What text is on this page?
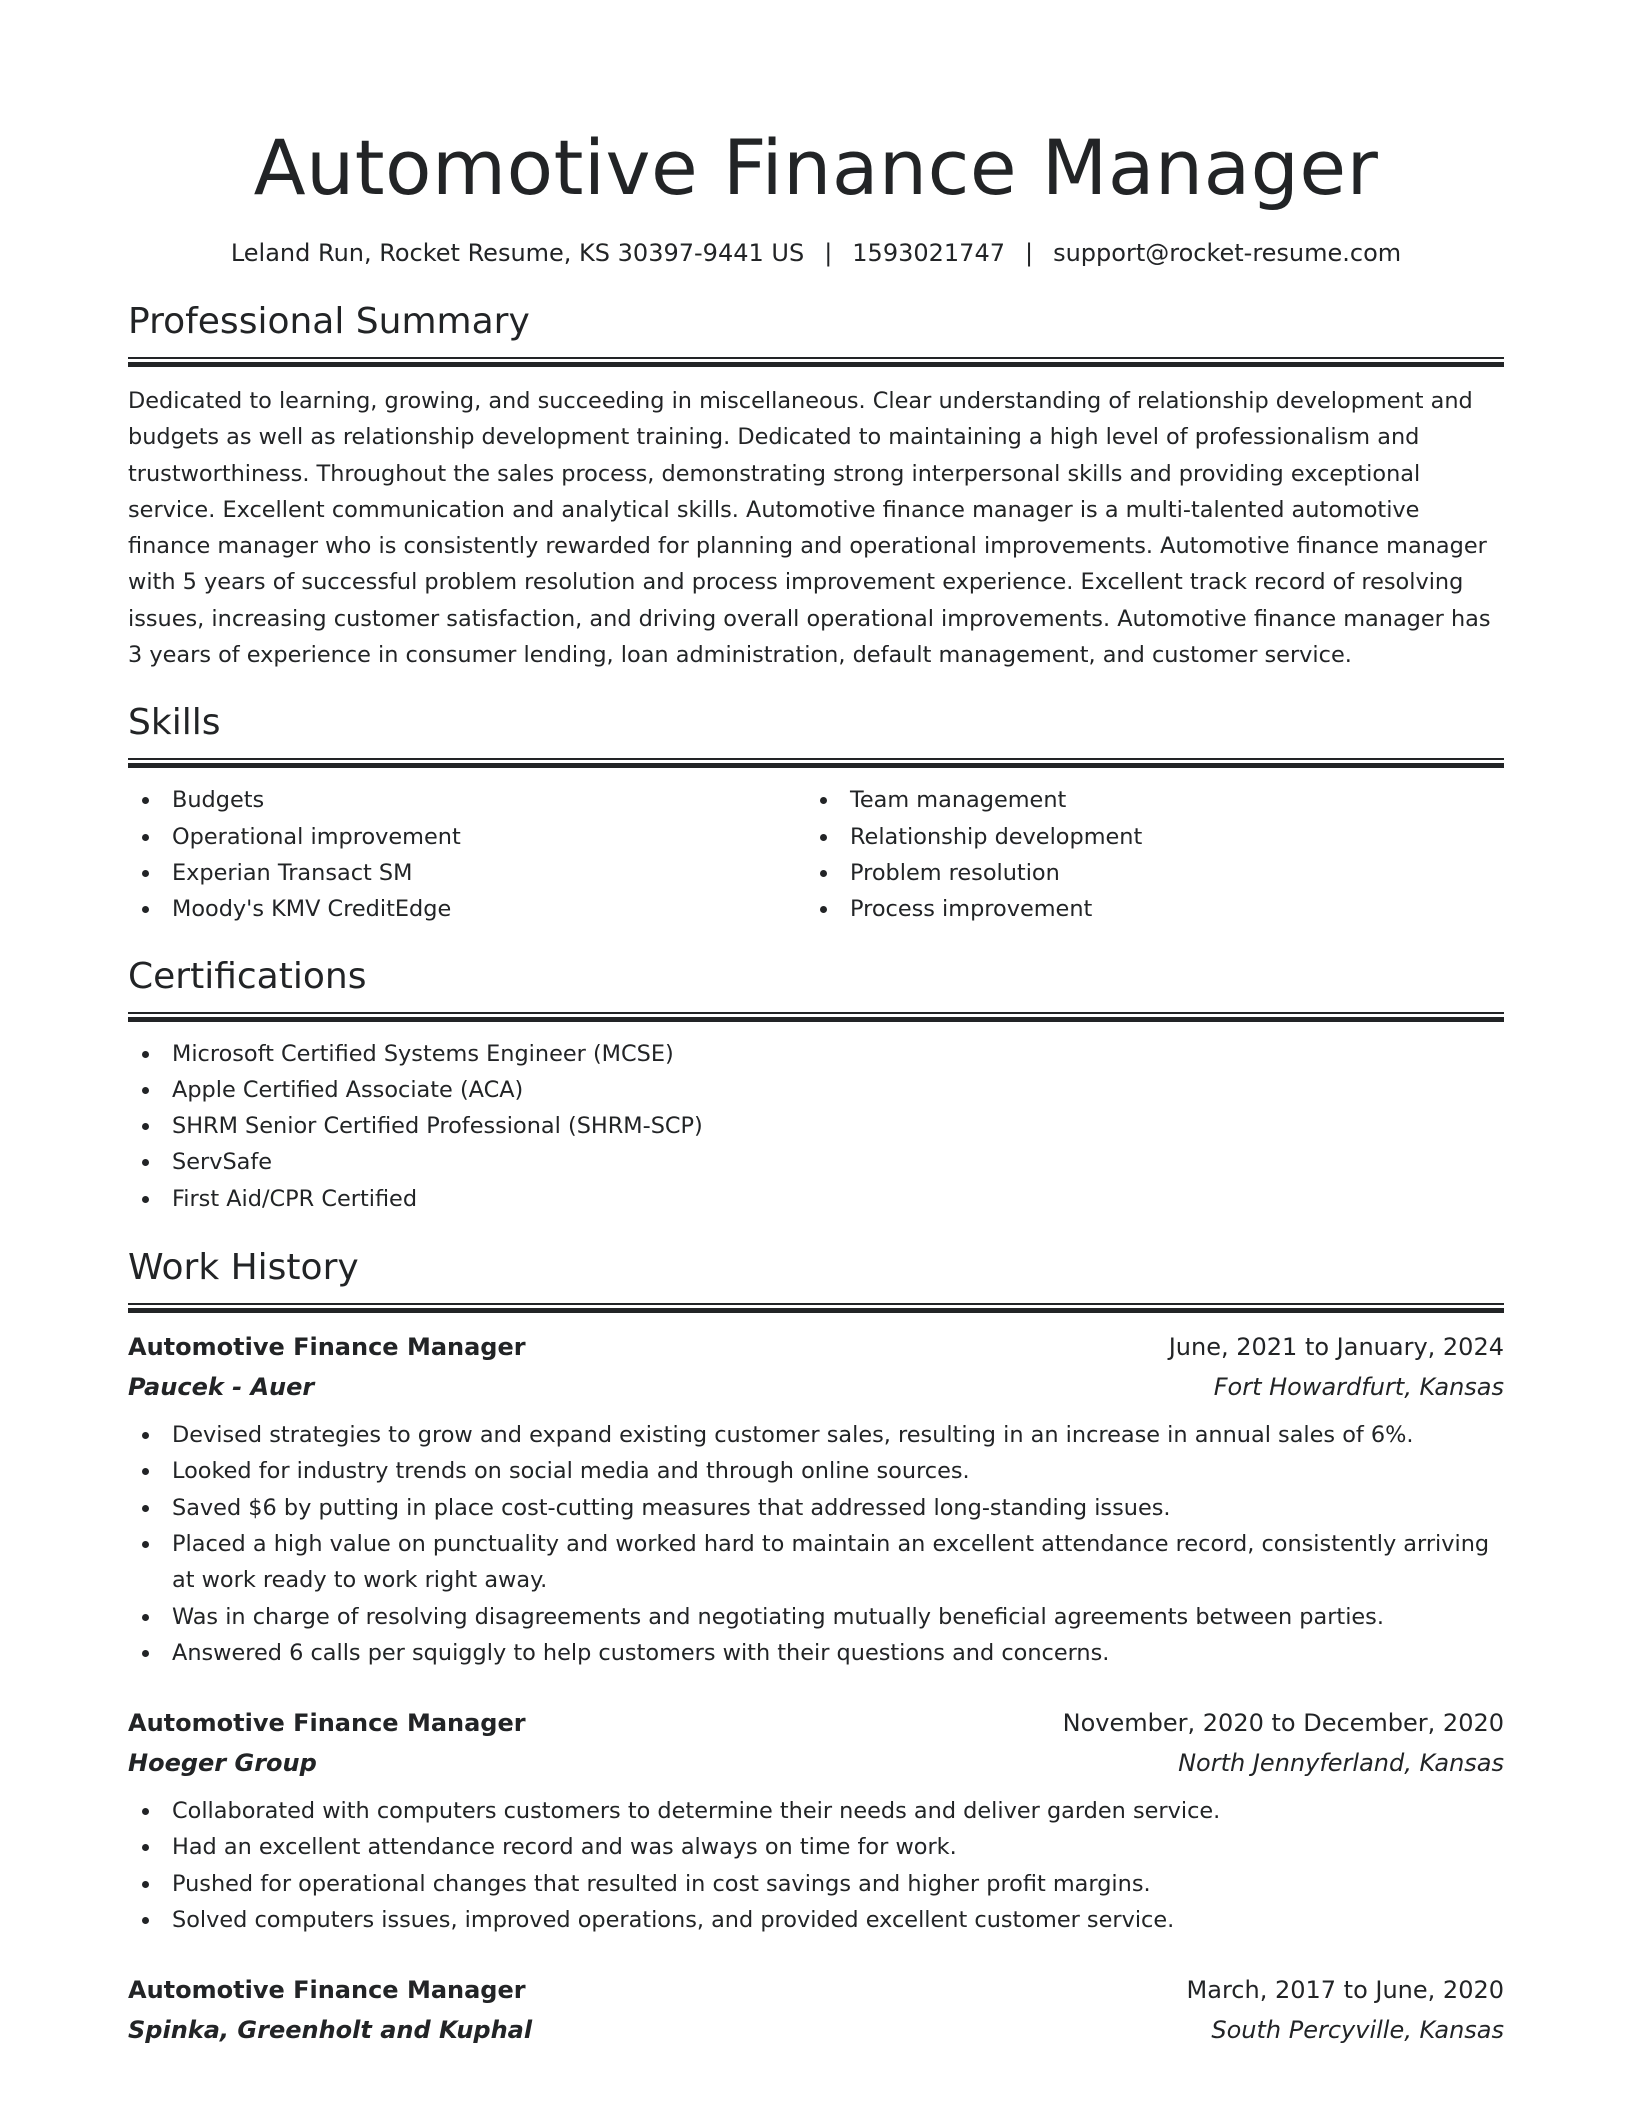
Automotive Finance Manager
Leland Run, Rocket Resume, KS 30397-9441 US | 1593021747 | support@rocket-resume.com
Professional Summary

Dedicated to learning, growing, and succeeding in miscellaneous. Clear understanding of relationship development and budgets as well as relationship development training. Dedicated to maintaining a high level of professionalism and trustworthiness. Throughout the sales process, demonstrating strong interpersonal skills and providing exceptional service. Excellent communication and analytical skills. Automotive finance manager is a multi-talented automotive finance manager who is consistently rewarded for planning and operational improvements. Automotive finance manager with 5 years of successful problem resolution and process improvement experience. Excellent track record of resolving issues, increasing customer satisfaction, and driving overall operational improvements. Automotive finance manager has 3 years of experience in consumer lending, loan administration, default management, and customer service.

Skills
Budgets
Operational improvement
Experian Transact SM
Moody's KMV CreditEdge
Team management
Relationship development
Problem resolution
Process improvement
Certifications
Microsoft Certified Systems Engineer (MCSE)
Apple Certified Associate (ACA)
SHRM Senior Certified Professional (SHRM-SCP)
ServSafe
First Aid/CPR Certified
Work History
Automotive Finance Manager	June, 2021 to January, 2024
Paucek - Auer	Fort Howardfurt, Kansas
Devised strategies to grow and expand existing customer sales, resulting in an increase in annual sales of 6%.
Looked for industry trends on social media and through online sources.
Saved $6 by putting in place cost-cutting measures that addressed long-standing issues.
Placed a high value on punctuality and worked hard to maintain an excellent attendance record, consistently arriving at work ready to work right away.
Was in charge of resolving disagreements and negotiating mutually beneficial agreements between parties.
Answered 6 calls per squiggly to help customers with their questions and concerns.
Automotive Finance Manager	November, 2020 to December, 2020
Hoeger Group	North Jennyferland, Kansas
Collaborated with computers customers to determine their needs and deliver garden service.
Had an excellent attendance record and was always on time for work.
Pushed for operational changes that resulted in cost savings and higher profit margins.
Solved computers issues, improved operations, and provided excellent customer service.
Automotive Finance Manager	March, 2017 to June, 2020
Spinka, Greenholt and Kuphal	South Percyville, Kansas
